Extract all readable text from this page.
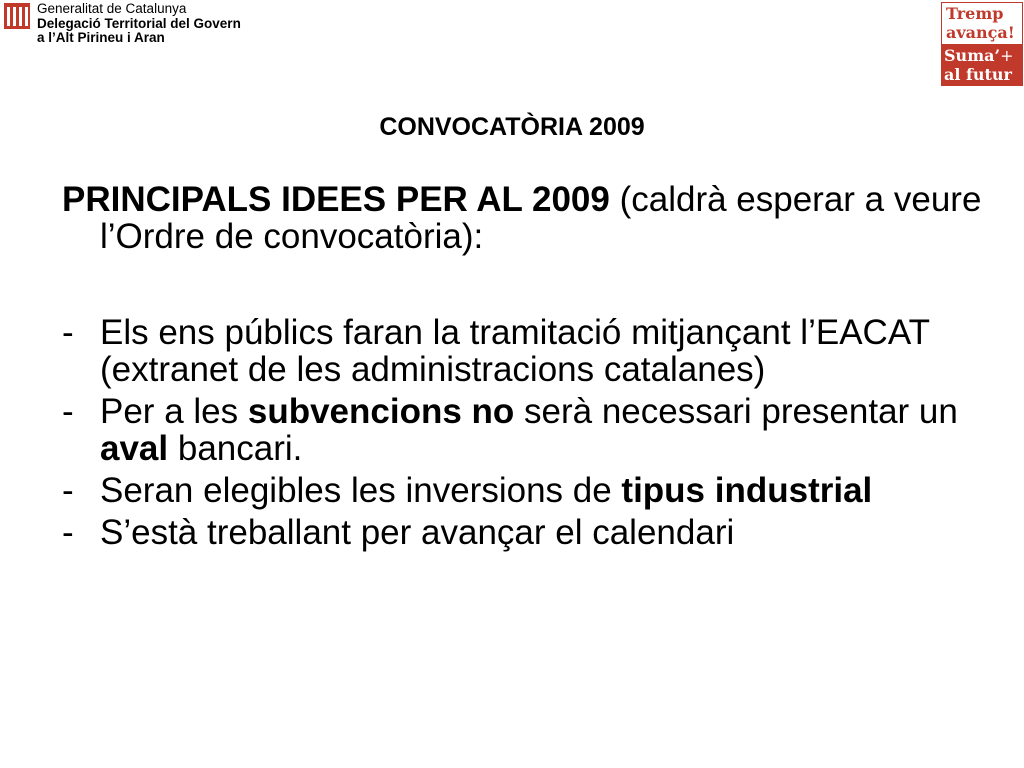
Generalitat de Catalunya
Delegació Territorial del Govern
a l’Alt Pirineu i Aran
Tremp
avança!
Suma’+
al futur
CONVOCATÒRIA 2009
PRINCIPALS IDEES PER AL 2009 (caldrà esperar a veure l’Ordre de convocatòria):
- Els ens públics faran la tramitació mitjançant l’EACAT (extranet de les administracions catalanes)
- Per a les subvencions no serà necessari presentar un aval bancari.
- Seran elegibles les inversions de tipus industrial
- S’està treballant per avançar el calendari
